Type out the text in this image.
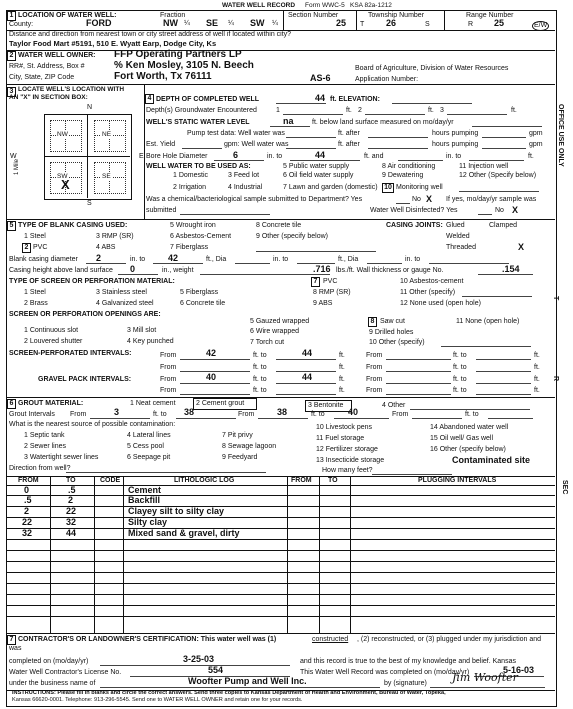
WATER WELL RECORD Form WWC-5 KSA 82a-1212
1 LOCATION OF WATER WELL:	Fraction
County:	FORD	NW ¼ SE ¼ SW ¼
Section Number
25
Township Number
T 26	S
Range Number
R 25	E/W
Distance and direction from nearest town or city street address of well if located within city?
Taylor Food Mart #5191, 510 E. Wyatt Earp, Dodge City, Ks
2 WATER WELL OWNER: FFP Operating Partners LP
RR#, St. Address, Box #	% Ken Mosley, 3105 N. Beech
City, State, ZIP Code	Fort Worth, Tx 76111
Board of Agriculture, Division of Water Resources
Application Number:
AS-6
3 LOCATE WELL'S LOCATION WITH
AN "X" IN SECTION BOX:
N
S
W	E
1 Mile
NW	NE
SW	SE
X
4 DEPTH OF COMPLETED WELL	44 ft. ELEVATION:
Depth(s) Groundwater Encountered	1	ft. 2	ft. 3	ft.
WELL'S STATIC WATER LEVEL	na	ft. below land surface measured on mo/day/yr
Pump test data: Well water was	ft. after	hours pumping	gpm
Est. Yield	gpm: Well water was	ft. after	hours pumping	gpm
Bore Hole Diameter	6	in. to	44	ft. and	in. to	ft.
WELL WATER TO BE USED AS:	5 Public water supply	8 Air conditioning	11 Injection well
1 Domestic	3 Feed lot	6 Oil field water supply	9 Dewatering	12 Other (Specify below)
2 Irrigation	4 Industrial	7 Lawn and garden (domestic) 10 Monitoring well
Was a chemical/bacteriological sample submitted to Department? Yes	No X If yes, mo/day/yr sample was
submitted	Water Well Disinfected? Yes	No X
5 TYPE OF BLANK CASING USED:	5 Wrought iron	8 Concrete tile	CASING JOINTS: Glued	Clamped
1 Steel	3 RMP (SR)	6 Asbestos-Cement	9 Other (specify below)	Welded
2 PVC	4 ABS	7 Fiberglass	Threaded	X
Blank casing diameter 2	in. to	42	ft., Dia	in. to	ft., Dia	in. to
Casing height above land surface 0	in., weight	.716 lbs./ft. Wall thickness or gauge No.	.154
TYPE OF SCREEN OR PERFORATION MATERIAL:	7 PVC	10 Asbestos-cement
1 Steel	3 Stainless steel	5 Fiberglass	8 RMP (SR)	11 Other (specify)
2 Brass	4 Galvanized steel	6 Concrete tile	9 ABS	12 None used (open hole)
SCREEN OR PERFORATION OPENINGS ARE:
5 Gauzed wrapped	8 Saw cut	11 None (open hole)
1 Continuous slot	3 Mill slot	6 Wire wrapped	9 Drilled holes
2 Louvered shutter	4 Key punched	7 Torch cut	10 Other (specify)
SCREEN-PERFORATED INTERVALS:	From	42	ft. to	44	ft.	From	ft. to	ft.
From	ft. to	ft.	From	ft. to	ft.
GRAVEL PACK INTERVALS:	From	40	ft. to	44	ft.	From	ft. to	ft.
From	ft. to	ft.	From	ft. to	ft.
6 GROUT MATERIAL:	1 Neat cement	2 Cement grout	3 Bentonite	4 Other
Grout Intervals From	3	ft. to 38	From	38	ft. to	40	From	ft. to
What is the nearest source of possible contamination:
1 Septic tank	4 Lateral lines	7 Pit privy
10 Livestock pens	14 Abandoned water well
2 Sewer lines	5 Cess pool	8 Sewage lagoon
11 Fuel storage	15 Oil well/ Gas well
3 Watertight sewer lines	6 Seepage pit	9 Feedyard
12 Fertilizer storage	16 Other (specify below)
13 Insecticide storage	Contaminated site
Direction from well?	How many feet?
FROM	TO	CODE	LITHOLOGIC LOG	FROM TO	PLUGGING INTERVALS
0	.5	Cement
.5	2	Backfill
2	22	Clayey silt to silty clay
22	32	Silty clay
32	44	Mixed sand & gravel, dirty
7 CONTRACTOR'S OR LANDOWNER'S CERTIFICATION: This water well was (1)	constructed , (2) reconstructed, or (3) plugged under my jurisdiction and
was
completed on (mo/day/yr)	3-25-03	and this record is true to the best of my knowledge and belief. Kansas
Water Well Contractor's License No.	554	This Water Well Record was completed on (mo/day/yr)	5-16-03
under the business name of	Woofter Pump and Well Inc.	by (signature) Jim Woofter
INSTRUCTIONS: Please fill in blanks and circle the correct answers. Send three copies to Kansas Department of Health and Environment, Bureau of Water, Topeka,
Kansas 66620-0001. Telephone: 913-296-5545. Send one to WATER WELL OWNER and retain one for your records.
OFFICE USE ONLY
T
R
SEC
